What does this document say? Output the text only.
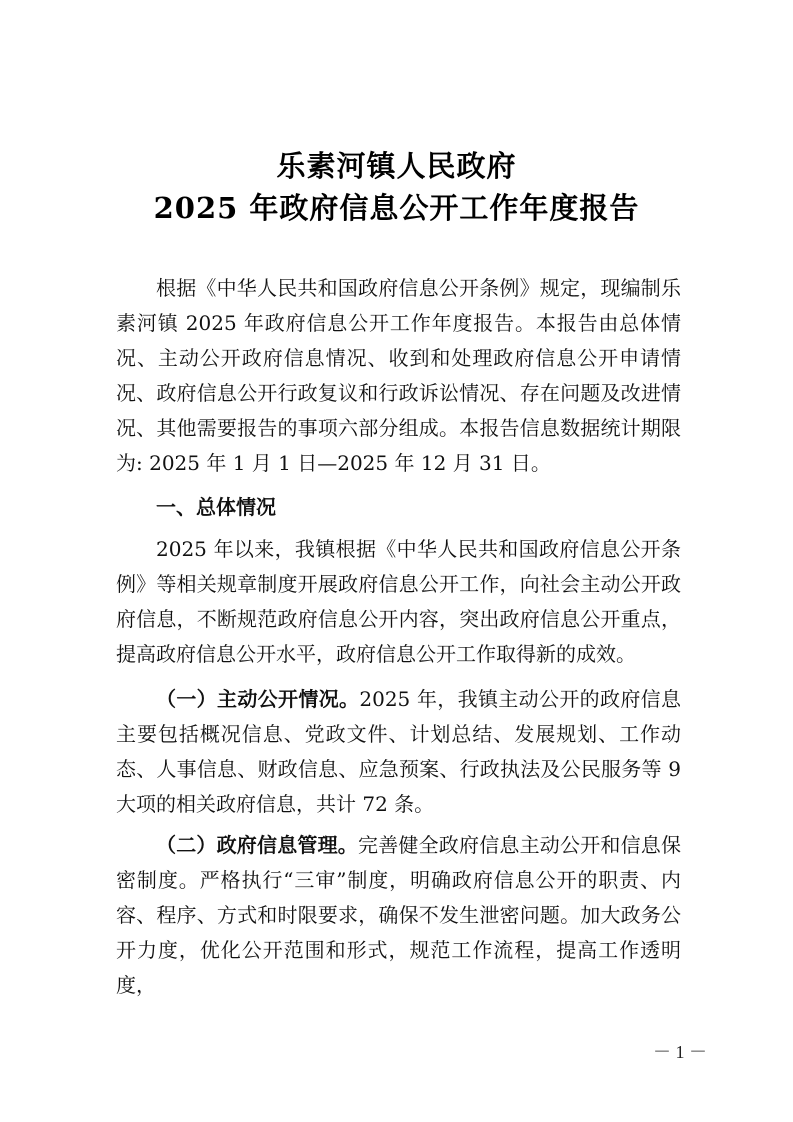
乐素河镇人民政府
2025 年政府信息公开工作年度报告

根据《中华人民共和国政府信息公开条例》规定，现编制乐素河镇 2025 年政府信息公开工作年度报告。本报告由总体情况、主动公开政府信息情况、收到和处理政府信息公开申请情况、政府信息公开行政复议和行政诉讼情况、存在问题及改进情况、其他需要报告的事项六部分组成。本报告信息数据统计期限为: 2025 年 1 月 1 日—2025 年 12 月 31 日。

一、总体情况

2025 年以来，我镇根据《中华人民共和国政府信息公开条例》等相关规章制度开展政府信息公开工作，向社会主动公开政府信息，不断规范政府信息公开内容，突出政府信息公开重点，提高政府信息公开水平，政府信息公开工作取得新的成效。

（一）主动公开情况。2025 年，我镇主动公开的政府信息主要包括概况信息、党政文件、计划总结、发展规划、工作动态、人事信息、财政信息、应急预案、行政执法及公民服务等 9 大项的相关政府信息，共计 72 条。

（二）政府信息管理。完善健全政府信息主动公开和信息保密制度。严格执行“三审”制度，明确政府信息公开的职责、内容、程序、方式和时限要求，确保不发生泄密问题。加大政务公开力度，优化公开范围和形式，规范工作流程，提高工作透明度，

－ 1 －
